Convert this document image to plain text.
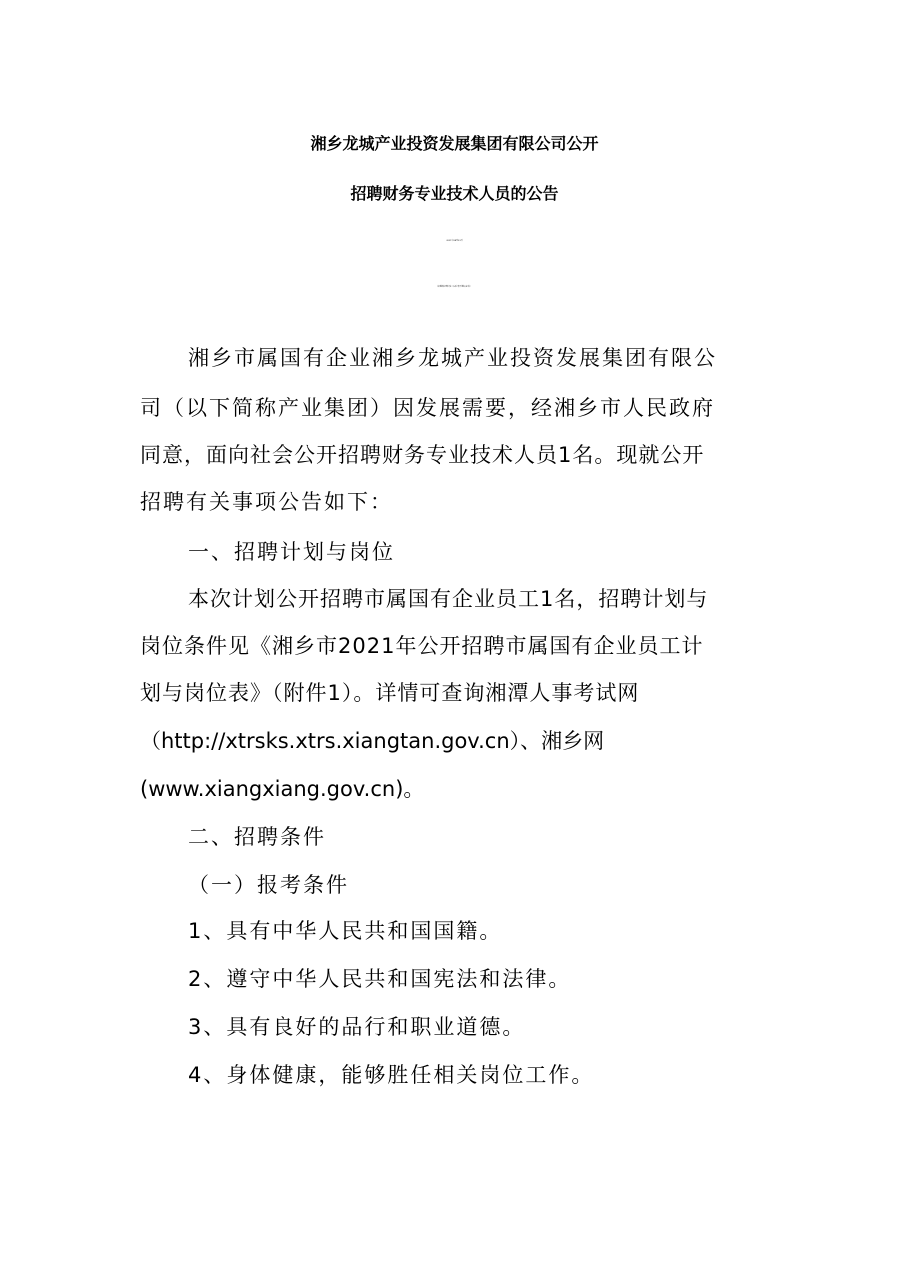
湘乡龙城产业投资发展集团有限公司公开
招聘财务专业技术人员的公告
2021年08月23日
转载请注明出处（岗位表下载后查看）
湘乡市属国有企业湘乡龙城产业投资发展集团有限公
司（以下简称产业集团）因发展需要，经湘乡市人民政府
同意，面向社会公开招聘财务专业技术人员1名。现就公开
招聘有关事项公告如下：
一、招聘计划与岗位
本次计划公开招聘市属国有企业员工1名，招聘计划与
岗位条件见《湘乡市2021年公开招聘市属国有企业员工计
划与岗位表》（附件1）。详情可查询湘潭人事考试网
（http://xtrsks.xtrs.xiangtan.gov.cn）、湘乡网
(www.xiangxiang.gov.cn)。
二、招聘条件
（一）报考条件
1、具有中华人民共和国国籍。
2、遵守中华人民共和国宪法和法律。
3、具有良好的品行和职业道德。
4、身体健康，能够胜任相关岗位工作。
